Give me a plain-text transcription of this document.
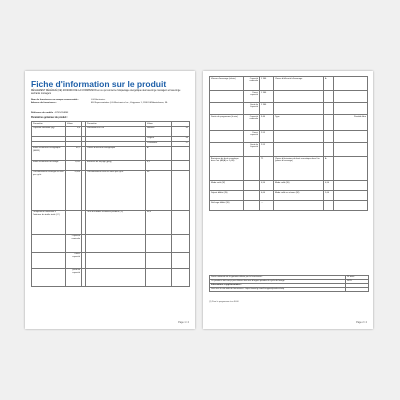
Fiche d'information sur le produit
RÈGLEMENT DÉLÉGUÉ (UE) 2019/2016 DE LA COMMISSION en ce qui concerne l'étiquetage énergétique des lave-linge ménagers et lave-linge séchants ménagers
Nom du fournisseur ou marque commerciale :	LG Electronics
Adresse du fournisseur :	EU Representative (LG Electronics Inc., Krijgsman 1, 1186 DM Amstelveen, NL
Référence du modèle : F2WV3S8NN
Paramètres généraux du produit :
Paramètre	Valeur		Paramètre	Valeur	
Capacité nominale (kg)	8,0		Dimensions en cm	Hauteur	85
				Largeur	60
				Profondeur	57
Indice d'efficacité énergétique (EEIW)	49,7		Classe d'efficacité énergétique	A	
Indice d'efficacité de lavage	1,031		Efficacité de rinçage (g/kg)	4,5	
Consommation d'énergie en kWh par cycle	0,444		Consommation d'eau en litres par cycle	46	
Température maximale à l'intérieur du textile traité (°C)			Taux d'humidité résiduelle pondéré (%)	46,0	
	Capacité nominale				
	Demi-capacité				
	Quart de capacité				
Page 1 / 2
Vitesse d'essorage (tr/min)	Capacité nominale	1 360	Classe d'efficacité d'essorage	A	
	Demi-capacité	1 360			
	Quart de capacité	1 360			
Durée du programme (h:min)	Capacité nominale	3:40	Type		Posable libre
	Demi-capacité	2:55			
	Quart de capacité	2:55			
Émissions de bruit acoustique dans l'air (dB(A) re 1 pW)		71	Classe d'émissions de bruit acoustique dans l'air (phase d'essorage)	A	
Mode arrêt (W)		0,50	Mode veille (W)	0,50	
Départ différé (W)		4,00	Mode veille en réseau (W)	2,00	
Séchage différé (W)		—			
Durée minimale de la garantie offerte par le fournisseur :	24 mois
Ce produit a été conçu pour libérer des ions d'argent pendant le cycle de lavage	NON
Informations supplémentaires :
Lien vers le site web du fournisseur : https://www.lg.com/fr/support/product-help
(1) Pour le programme éco 40-60
Page 2 / 2
